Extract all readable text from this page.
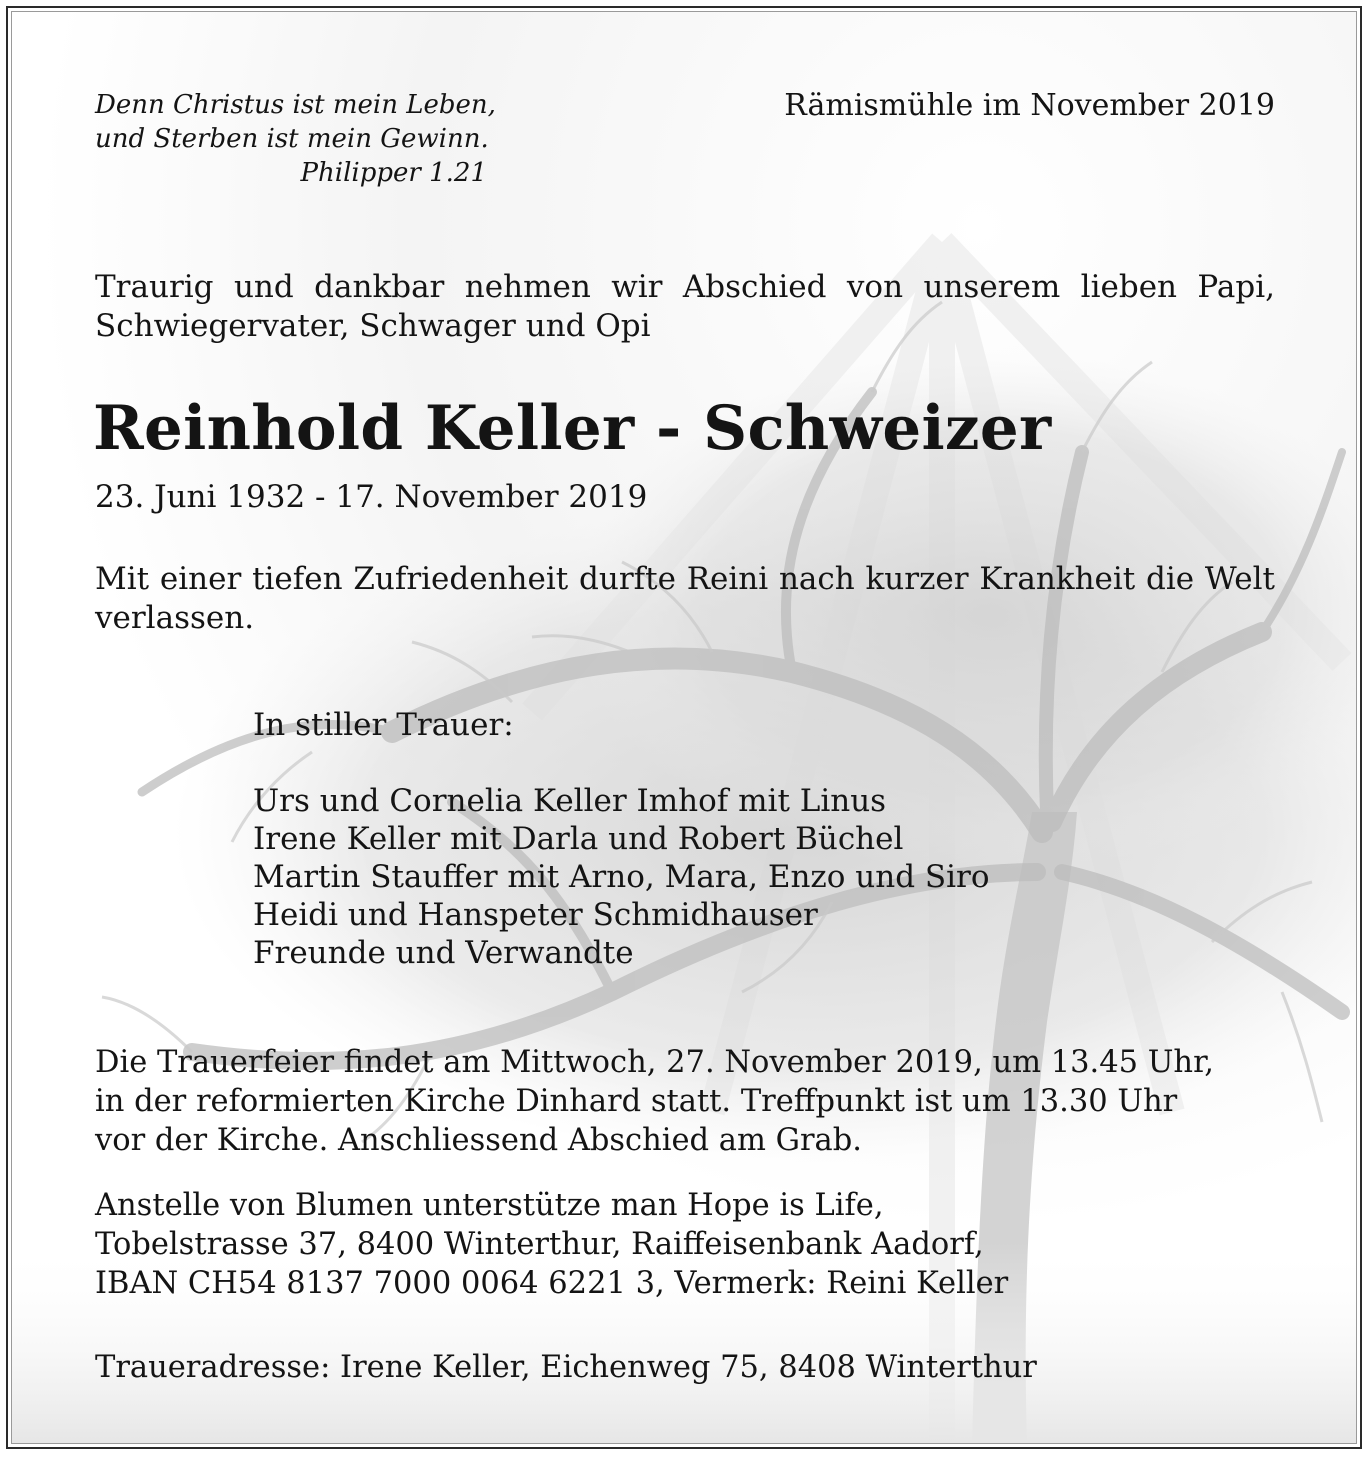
Denn Christus ist mein Leben,
und Sterben ist mein Gewinn.
Philipper 1.21
Rämismühle im November 2019

Traurig und dankbar nehmen wir Abschied von unserem lieben Papi, Schwiegervater, Schwager und Opi

Reinhold Keller - Schweizer
23. Juni 1932 - 17. November 2019

Mit einer tiefen Zufriedenheit durfte Reini nach kurzer Krankheit die Welt verlassen.

In stiller Trauer:
Urs und Cornelia Keller Imhof mit Linus
Irene Keller mit Darla und Robert Büchel
Martin Stauffer mit Arno, Mara, Enzo und Siro
Heidi und Hanspeter Schmidhauser
Freunde und Verwandte
Die Trauerfeier findet am Mittwoch, 27. November 2019, um 13.45 Uhr,
in der reformierten Kirche Dinhard statt. Treffpunkt ist um 13.30 Uhr
vor der Kirche. Anschliessend Abschied am Grab.
Anstelle von Blumen unterstütze man Hope is Life,
Tobelstrasse 37, 8400 Winterthur, Raiffeisenbank Aadorf,
IBAN CH54 8137 7000 0064 6221 3, Vermerk: Reini Keller
Traueradresse: Irene Keller, Eichenweg 75, 8408 Winterthur
